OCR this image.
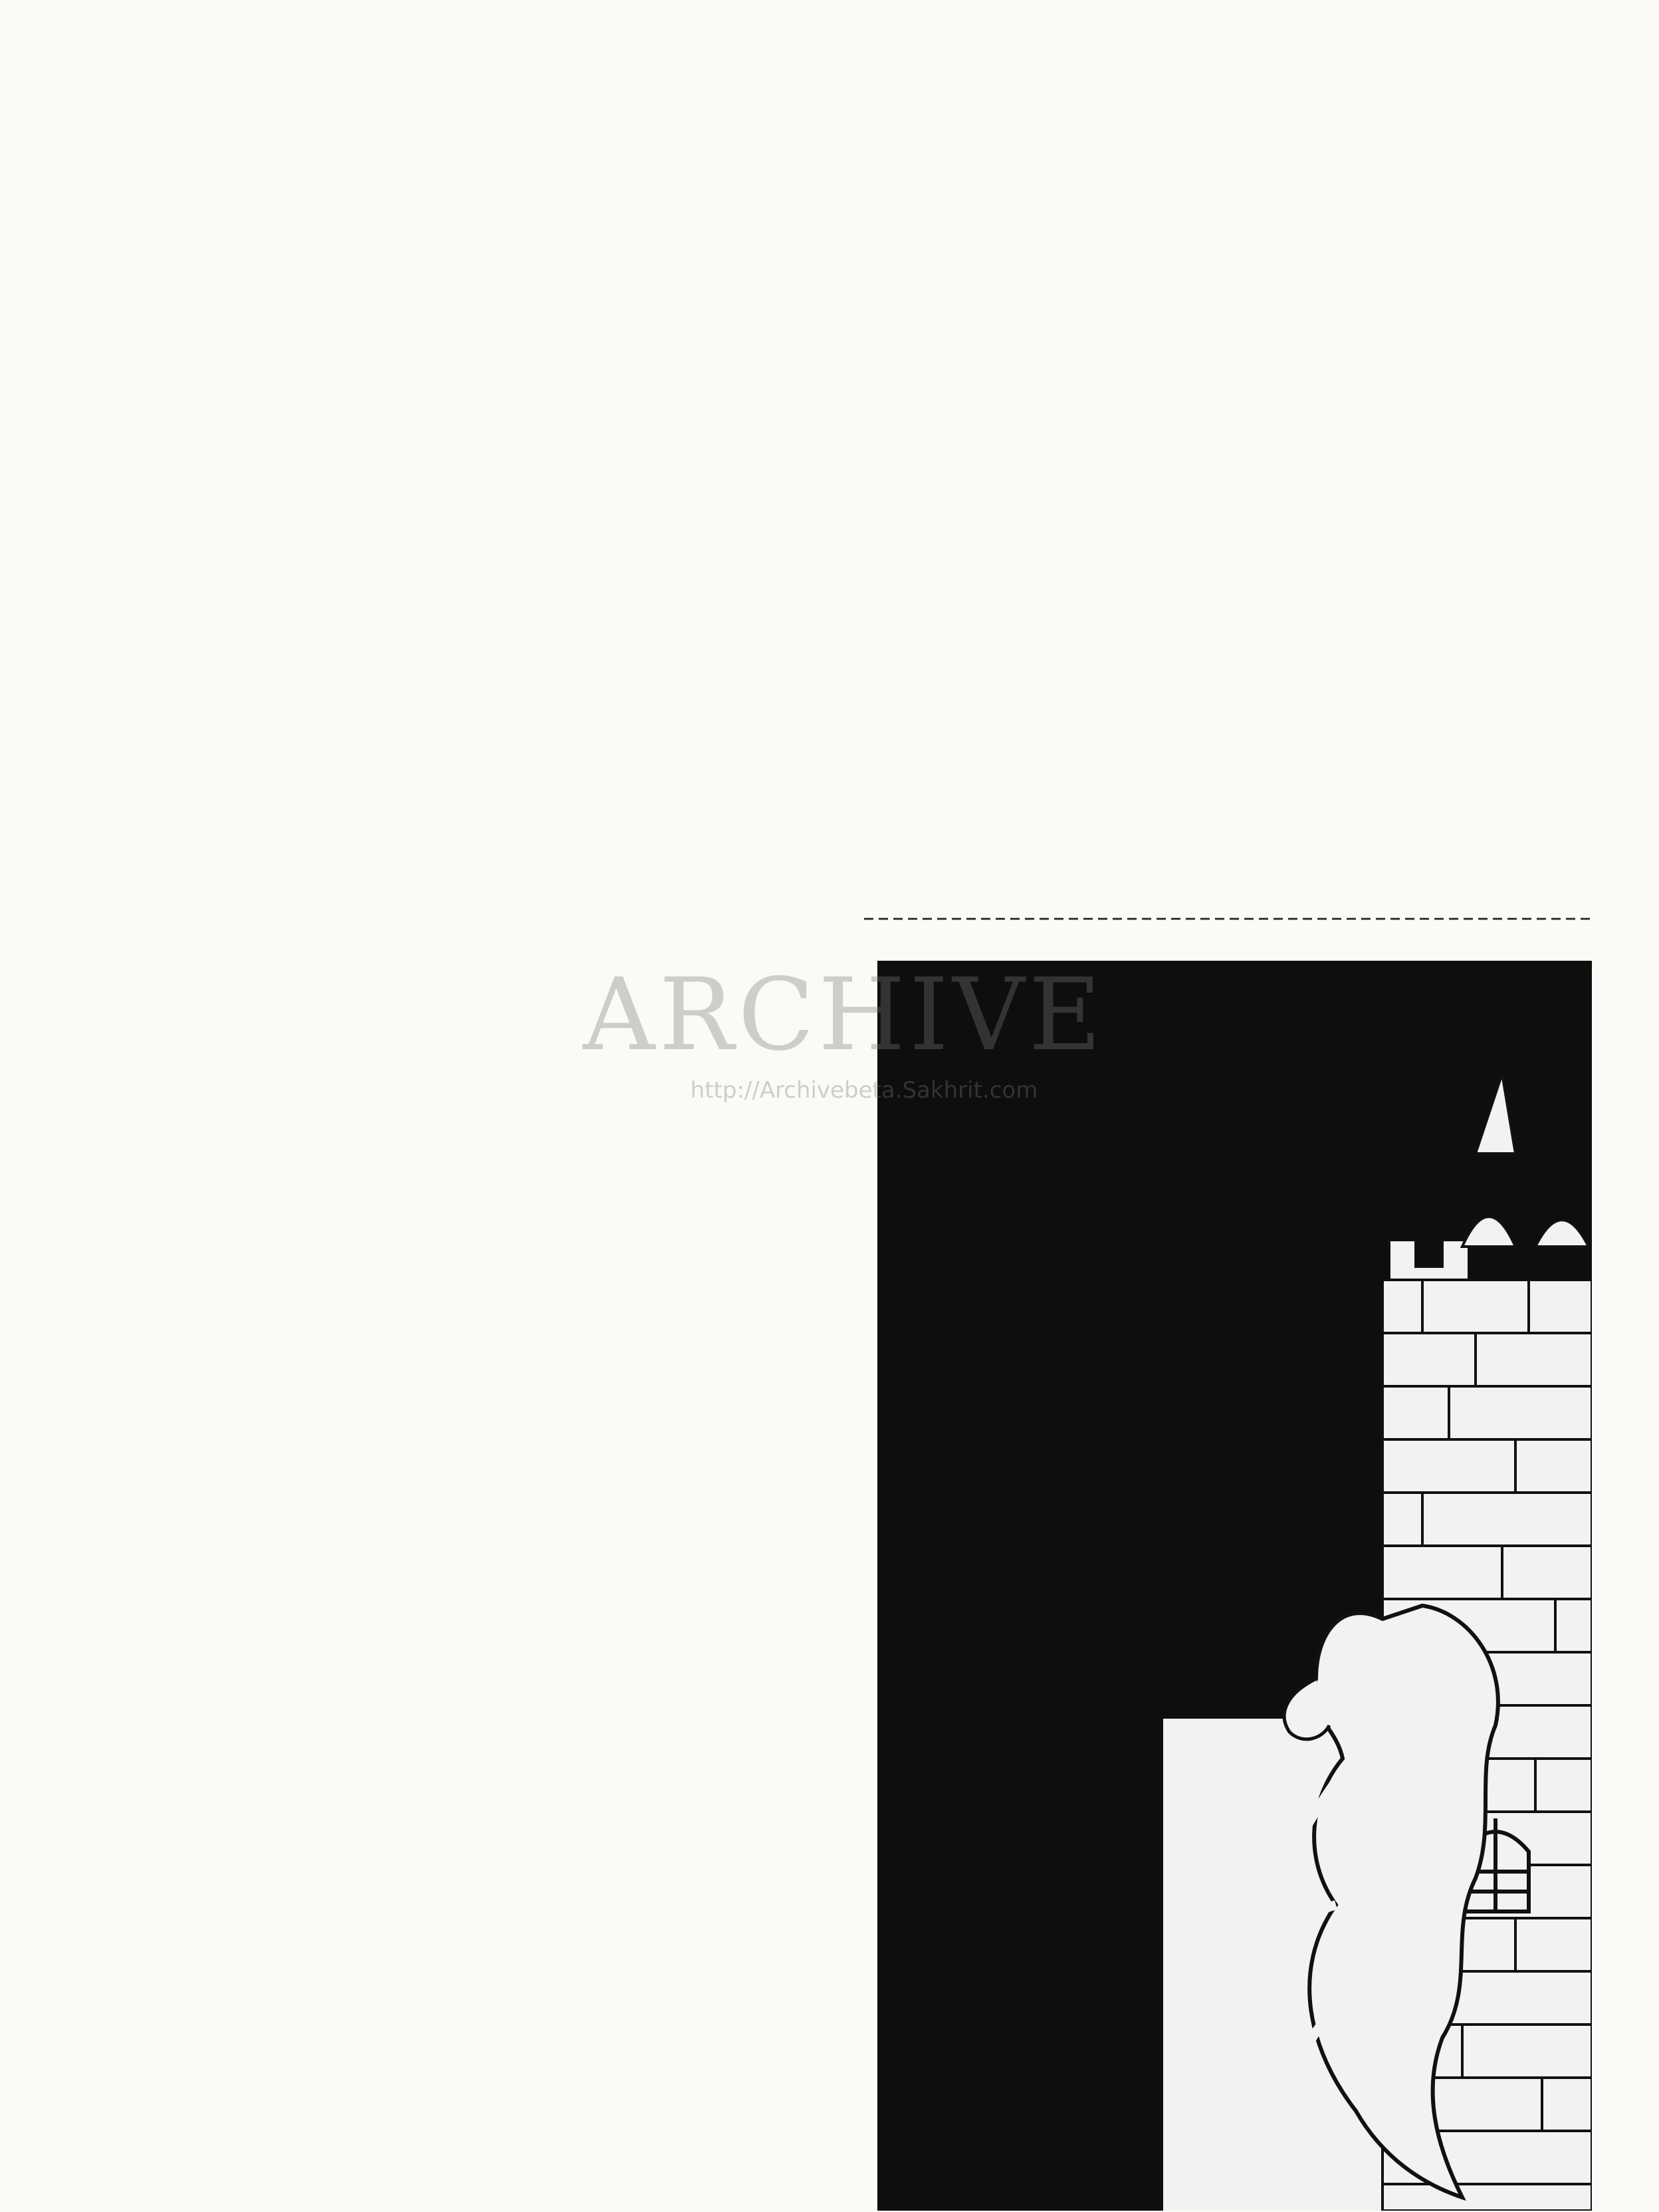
ARCHIVE
http://Archivebeta.Sakhrit.com
